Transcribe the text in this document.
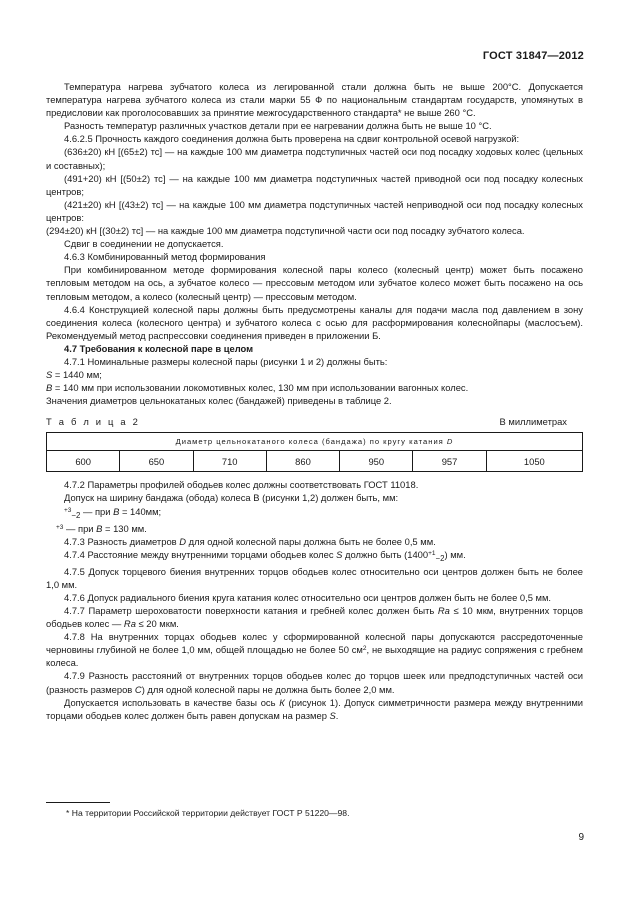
ГОСТ 31847—2012

Температура нагрева зубчатого колеса из легированной стали должна быть не выше 200°С. Допускается температура нагрева зубчатого колеса из стали марки 55 Ф по национальным стандартам государств, упомянутых в предисловии как проголосовавших за принятие межгосударственного стандарта* не выше 260 °С.

Разность температур различных участков детали при ее нагревании должна быть не выше 10 °С.

4.6.2.5 Прочность каждого соединения должна быть проверена на сдвиг контрольной осевой нагрузкой:

(636±20) кН [(65±2) тс] — на каждые 100 мм диаметра подступичных частей оси под посадку ходовых колес (цельных и составных);

(491+20) кН [(50±2) тс] — на каждые 100 мм диаметра подступичных частей приводной оси под посадку колесных центров;

(421±20) кН [(43±2) тс] — на каждые 100 мм диаметра подступичных частей неприводной оси под посадку колесных центров:

(294±20) кН [(30±2) тс] — на каждые 100 мм диаметра подступичной части оси под посадку зубчатого колеса.

Сдвиг в соединении не допускается.

4.6.3 Комбинированный метод формирования

При комбинированном методе формирования колесной пары колесо (колесный центр) может быть посажено тепловым методом на ось, а зубчатое колесо — прессовым методом или зубчатое колесо может быть посажено на ось тепловым методом, а колесо (колесный центр) — прессовым методом.

4.6.4 Конструкцией колесной пары должны быть предусмотрены каналы для подачи масла под давлением в зону соединения колеса (колесного центра) и зубчатого колеса с осью для расформирования колеснойпары (маслосъем). Рекомендуемый метод распрессовки соединения приведен в приложении Б.

4.7 Требования к колесной паре в целом

4.7.1 Номинальные размеры колесной пары (рисунки 1 и 2) должны быть:

S = 1440 мм;

B = 140 мм при использовании локомотивных колес, 130 мм при использовании вагонных колес.

Значения диаметров цельнокатаных колес (бандажей) приведены в таблице 2.

Т а б л и ц а 2	В миллиметрах
Диаметр цельнокатаного колеса (бандажа) по кругу катания D
600	650	710	860	950	957	1050

4.7.2 Параметры профилей ободьев колес должны соответствовать ГОСТ 11018.

Допуск на ширину бандажа (обода) колеса В (рисунки 1,2) должен быть, мм:

$^{+3}_{-2}$ — при В = 140мм;

$^{+3}$ — при В = 130 мм.

4.7.3 Разность диаметров D для одной колесной пары должна быть не более 0,5 мм.

4.7.4 Расстояние между внутренними торцами ободьев колес S должно быть $(1400^{+1}_{-2})$ мм.

4.7.5 Допуск торцевого биения внутренних торцов ободьев колес относительно оси центров должен быть не более 1,0 мм.

4.7.6 Допуск радиального биения круга катания колес относительно оси центров должен быть не более 0,5 мм.

4.7.7 Параметр шероховатости поверхности катания и гребней колес должен быть Ra ≤ 10 мкм, внутренних торцов ободьев колес — Ra ≤ 20 мкм.

4.7.8 На внутренних торцах ободьев колес у сформированной колесной пары допускаются рассредоточенные черновины глубиной не более 1,0 мм, общей площадью не более 50 $см^2$, не выходящие на радиус сопряжения с гребнем колеса.

4.7.9 Разность расстояний от внутренних торцов ободьев колес до торцов шеек или предподступичных частей оси (разность размеров С) для одной колесной пары не должна быть более 2,0 мм.

Допускается использовать в качестве базы ось К (рисунок 1). Допуск симметричности размера между внутренними торцами ободьев колес должен быть равен допускам на размер S.

* На территории Российской территории действует ГОСТ Р 51220—98.
9
